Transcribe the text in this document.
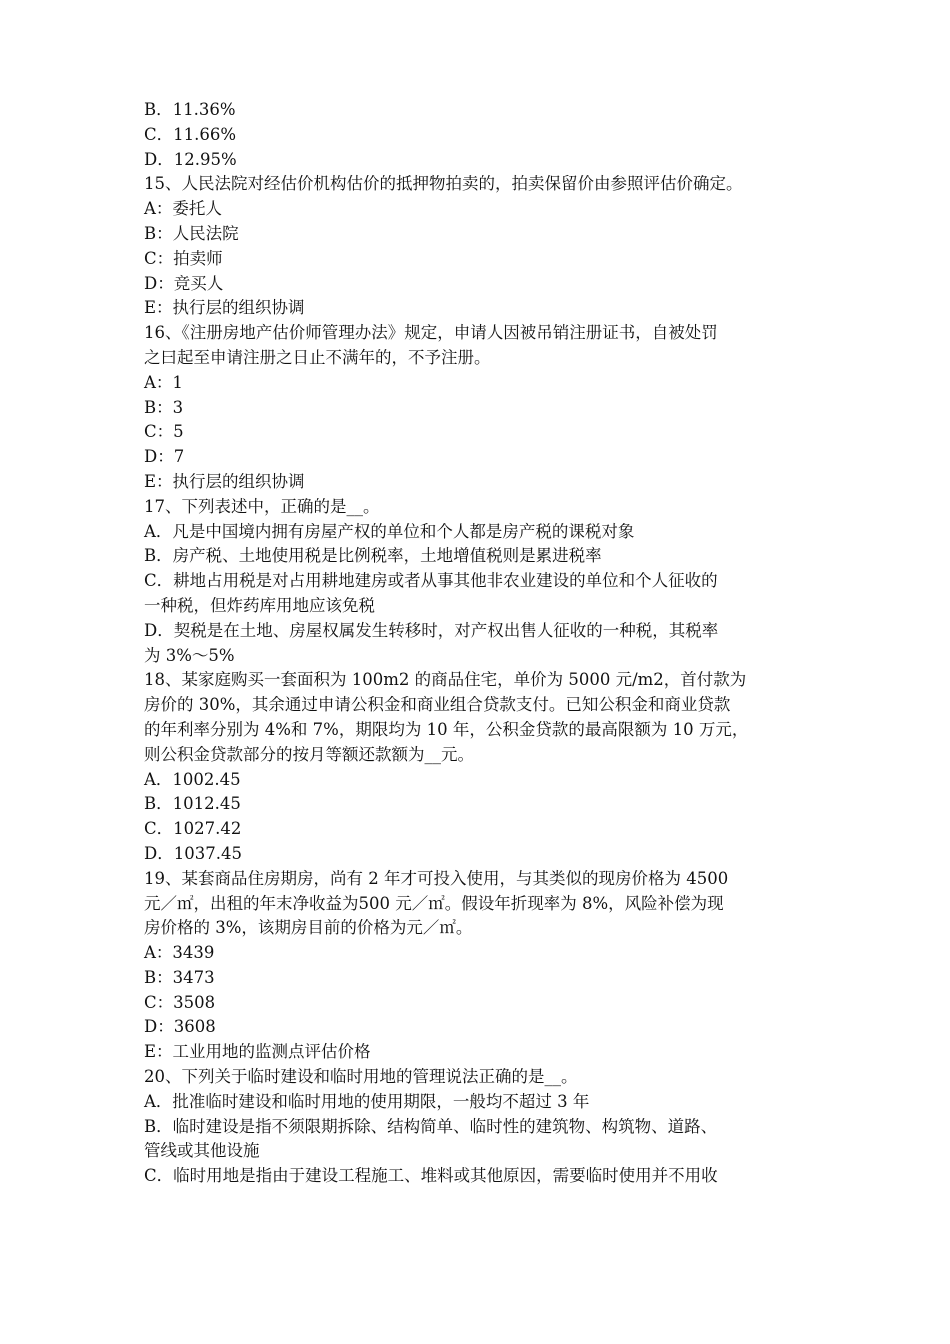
B．11.36%
C．11.66%
D．12.95%
15、人民法院对经估价机构估价的抵押物拍卖的，拍卖保留价由参照评估价确定。
A：委托人
B：人民法院
C：拍卖师
D：竞买人
E：执行层的组织协调
16、《注册房地产估价师管理办法》规定，申请人因被吊销注册证书，自被处罚
之曰起至申请注册之日止不满年的，不予注册。
A：1
B：3
C：5
D：7
E：执行层的组织协调
17、下列表述中，正确的是__。
A．凡是中国境内拥有房屋产权的单位和个人都是房产税的课税对象
B．房产税、土地使用税是比例税率，土地增值税则是累进税率
C．耕地占用税是对占用耕地建房或者从事其他非农业建设的单位和个人征收的
一种税，但炸药库用地应该免税
D．契税是在土地、房屋权属发生转移时，对产权出售人征收的一种税，其税率
为 3%～5%
18、某家庭购买一套面积为 100m2 的商品住宅，单价为 5000 元/m2，首付款为
房价的 30%，其余通过申请公积金和商业组合贷款支付。已知公积金和商业贷款
的年利率分别为 4%和 7%，期限均为 10 年，公积金贷款的最高限额为 10 万元，
则公积金贷款部分的按月等额还款额为__元。
A．1002.45
B．1012.45
C．1027.42
D．1037.45
19、某套商品住房期房，尚有 2 年才可投入使用，与其类似的现房价格为 4500
元／㎡，出租的年末净收益为500 元／㎡。假设年折现率为 8%，风险补偿为现
房价格的 3%，该期房目前的价格为元／㎡。
A：3439
B：3473
C：3508
D：3608
E：工业用地的监测点评估价格
20、下列关于临时建设和临时用地的管理说法正确的是__。
A．批准临时建设和临时用地的使用期限，一般均不超过 3 年
B．临时建设是指不须限期拆除、结构简单、临时性的建筑物、构筑物、道路、
管线或其他设施
C．临时用地是指由于建设工程施工、堆料或其他原因，需要临时使用并不用收
